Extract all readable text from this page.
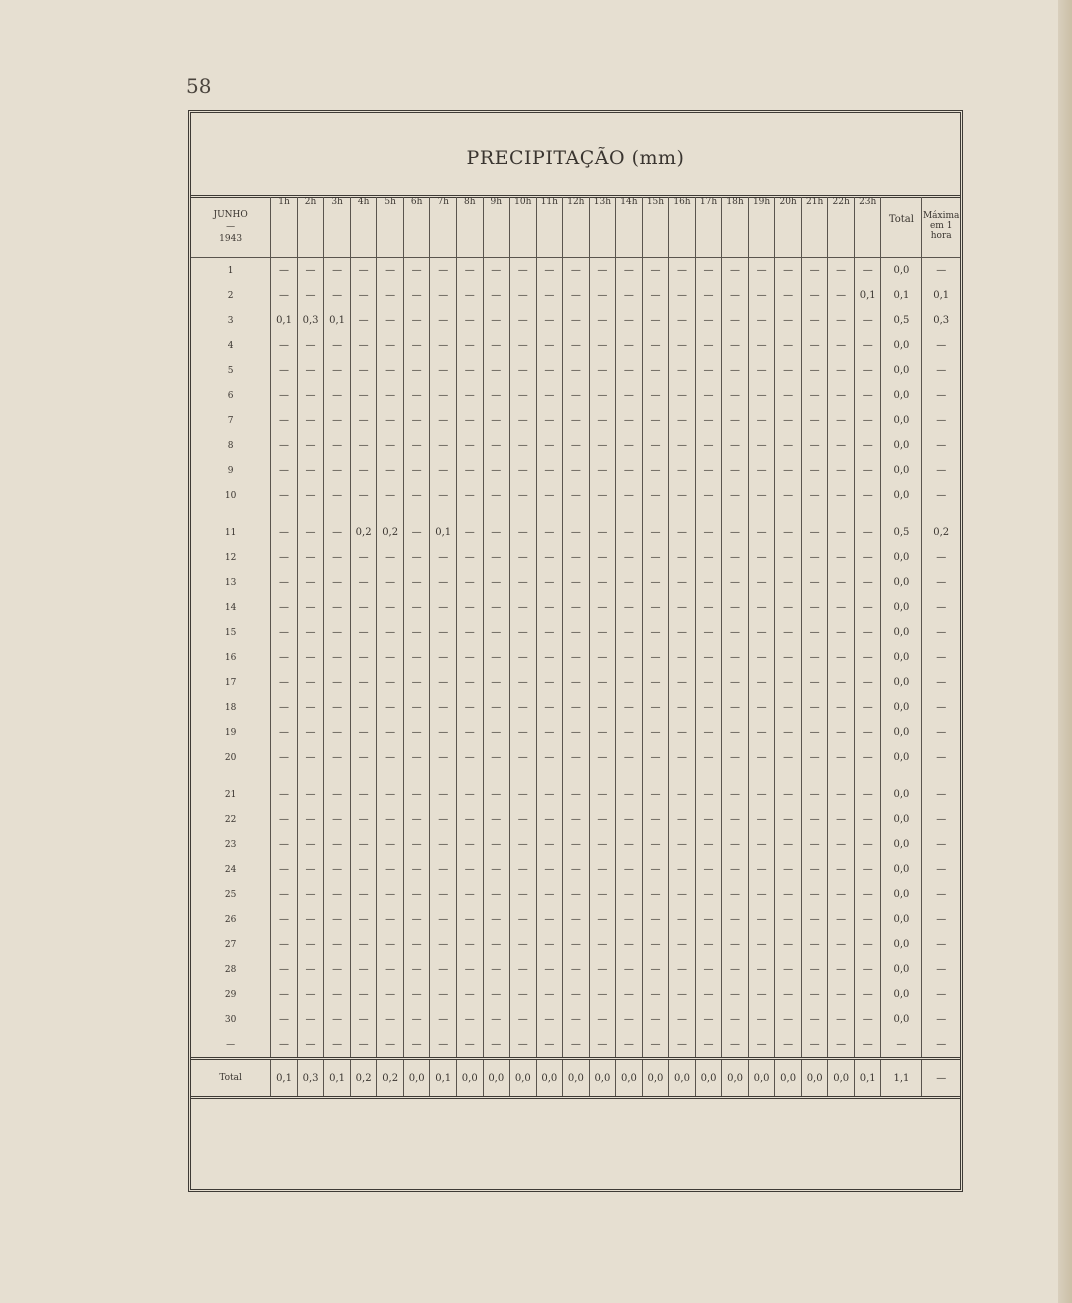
58
PRECIPITAÇÃO (mm)
JUNHO
—
1943	1h	2h	3h	4h	5h	6h	7h	8h	9h	10h	11h	12h	13h	14h	15h	16h	17h	18h	19h	20h	21h	22h	23h	Total	Máxima em 1 hora
1	—	—	—	—	—	—	—	—	—	—	—	—	—	—	—	—	—	—	—	—	—	—	—	0,0	—
2	—	—	—	—	—	—	—	—	—	—	—	—	—	—	—	—	—	—	—	—	—	—	0,1	0,1	0,1
3	0,1	0,3	0,1	—	—	—	—	—	—	—	—	—	—	—	—	—	—	—	—	—	—	—	—	0,5	0,3
4	—	—	—	—	—	—	—	—	—	—	—	—	—	—	—	—	—	—	—	—	—	—	—	0,0	—
5	—	—	—	—	—	—	—	—	—	—	—	—	—	—	—	—	—	—	—	—	—	—	—	0,0	—
6	—	—	—	—	—	—	—	—	—	—	—	—	—	—	—	—	—	—	—	—	—	—	—	0,0	—
7	—	—	—	—	—	—	—	—	—	—	—	—	—	—	—	—	—	—	—	—	—	—	—	0,0	—
8	—	—	—	—	—	—	—	—	—	—	—	—	—	—	—	—	—	—	—	—	—	—	—	0,0	—
9	—	—	—	—	—	—	—	—	—	—	—	—	—	—	—	—	—	—	—	—	—	—	—	0,0	—
10	—	—	—	—	—	—	—	—	—	—	—	—	—	—	—	—	—	—	—	—	—	—	—	0,0	—

11	—	—	—	0,2	0,2	—	0,1	—	—	—	—	—	—	—	—	—	—	—	—	—	—	—	—	0,5	0,2
12	—	—	—	—	—	—	—	—	—	—	—	—	—	—	—	—	—	—	—	—	—	—	—	0,0	—
13	—	—	—	—	—	—	—	—	—	—	—	—	—	—	—	—	—	—	—	—	—	—	—	0,0	—
14	—	—	—	—	—	—	—	—	—	—	—	—	—	—	—	—	—	—	—	—	—	—	—	0,0	—
15	—	—	—	—	—	—	—	—	—	—	—	—	—	—	—	—	—	—	—	—	—	—	—	0,0	—
16	—	—	—	—	—	—	—	—	—	—	—	—	—	—	—	—	—	—	—	—	—	—	—	0,0	—
17	—	—	—	—	—	—	—	—	—	—	—	—	—	—	—	—	—	—	—	—	—	—	—	0,0	—
18	—	—	—	—	—	—	—	—	—	—	—	—	—	—	—	—	—	—	—	—	—	—	—	0,0	—
19	—	—	—	—	—	—	—	—	—	—	—	—	—	—	—	—	—	—	—	—	—	—	—	0,0	—
20	—	—	—	—	—	—	—	—	—	—	—	—	—	—	—	—	—	—	—	—	—	—	—	0,0	—

21	—	—	—	—	—	—	—	—	—	—	—	—	—	—	—	—	—	—	—	—	—	—	—	0,0	—
22	—	—	—	—	—	—	—	—	—	—	—	—	—	—	—	—	—	—	—	—	—	—	—	0,0	—
23	—	—	—	—	—	—	—	—	—	—	—	—	—	—	—	—	—	—	—	—	—	—	—	0,0	—
24	—	—	—	—	—	—	—	—	—	—	—	—	—	—	—	—	—	—	—	—	—	—	—	0,0	—
25	—	—	—	—	—	—	—	—	—	—	—	—	—	—	—	—	—	—	—	—	—	—	—	0,0	—
26	—	—	—	—	—	—	—	—	—	—	—	—	—	—	—	—	—	—	—	—	—	—	—	0,0	—
27	—	—	—	—	—	—	—	—	—	—	—	—	—	—	—	—	—	—	—	—	—	—	—	0,0	—
28	—	—	—	—	—	—	—	—	—	—	—	—	—	—	—	—	—	—	—	—	—	—	—	0,0	—
29	—	—	—	—	—	—	—	—	—	—	—	—	—	—	—	—	—	—	—	—	—	—	—	0,0	—
30	—	—	—	—	—	—	—	—	—	—	—	—	—	—	—	—	—	—	—	—	—	—	—	0,0	—
—	—	—	—	—	—	—	—	—	—	—	—	—	—	—	—	—	—	—	—	—	—	—	—	—	—
Total	0,1	0,3	0,1	0,2	0,2	0,0	0,1	0,0	0,0	0,0	0,0	0,0	0,0	0,0	0,0	0,0	0,0	0,0	0,0	0,0	0,0	0,0	0,1	1,1	—
